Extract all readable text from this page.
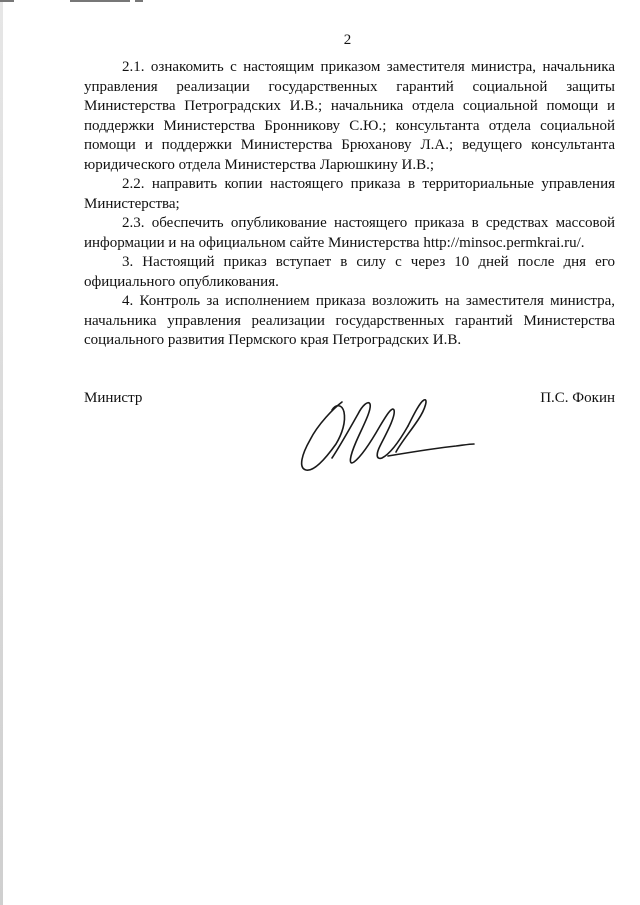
2

2.1. ознакомить с настоящим приказом заместителя министра, начальника управления реализации государственных гарантий социальной защиты Министерства Петроградских И.В.; начальника отдела социальной помощи и поддержки Министерства Бронникову С.Ю.; консультанта отдела социальной помощи и поддержки Министерства Брюханову Л.А.; ведущего консультанта юридического отдела Министерства Ларюшкину И.В.;

2.2. направить копии настоящего приказа в территориальные управления Министерства;

2.3. обеспечить опубликование настоящего приказа в средствах массовой информации и на официальном сайте Министерства http://minsoc.permkrai.ru/.

3. Настоящий приказ вступает в силу с через 10 дней после дня его официального опубликования.

4. Контроль за исполнением приказа возложить на заместителя министра, начальника управления реализации государственных гарантий Министерства социального развития Пермского края Петроградских И.В.

Министр	П.С. Фокин
